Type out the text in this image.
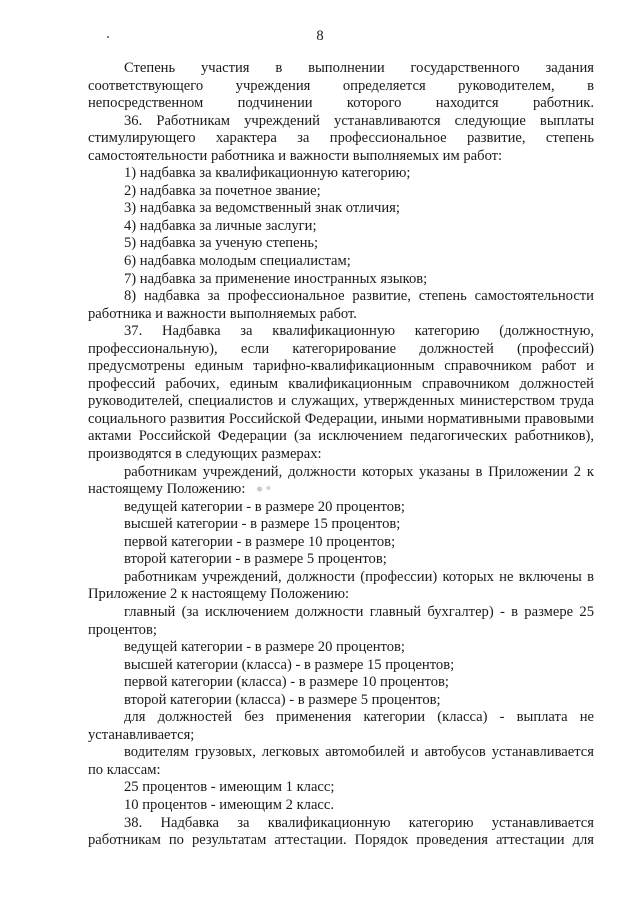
8

Степень участия в выполнении государственного задания соответствующего учреждения определяется руководителем, в непосредственном подчинении которого находится работник.

36. Работникам учреждений устанавливаются следующие выплаты стимулирующего характера за профессиональное развитие, степень самостоятельности работника и важности выполняемых им работ:

1) надбавка за квалификационную категорию;

2) надбавка за почетное звание;

3) надбавка за ведомственный знак отличия;

4) надбавка за личные заслуги;

5) надбавка за ученую степень;

6) надбавка молодым специалистам;

7) надбавка за применение иностранных языков;

8) надбавка за профессиональное развитие, степень самостоятельности работника и важности выполняемых работ.

37. Надбавка за квалификационную категорию (должностную, профессиональную), если категорирование должностей (профессий) предусмотрены единым тарифно-квалификационным справочником работ и профессий рабочих, единым квалификационным справочником должностей руководителей, специалистов и служащих, утвержденных министерством труда социального развития Российской Федерации, иными нормативными правовыми актами Российской Федерации (за исключением педагогических работников), производятся в следующих размерах:

работникам учреждений, должности которых указаны в Приложении 2 к настоящему Положению:

ведущей категории - в размере 20 процентов;

высшей категории - в размере 15 процентов;

первой категории - в размере 10 процентов;

второй категории - в размере 5 процентов;

работникам учреждений, должности (профессии) которых не включены в Приложение 2 к настоящему Положению:

главный (за исключением должности главный бухгалтер) - в размере 25 процентов;

ведущей категории - в размере 20 процентов;

высшей категории (класса) - в размере 15 процентов;

первой категории (класса) - в размере 10 процентов;

второй категории (класса) - в размере 5 процентов;

для должностей без применения категории (класса) - выплата не устанавливается;

водителям грузовых, легковых автомобилей и автобусов устанавливается по классам:

25 процентов - имеющим 1 класс;

10 процентов - имеющим 2 класс.

38. Надбавка за квалификационную категорию устанавливается работникам по результатам аттестации. Порядок проведения аттестации для
